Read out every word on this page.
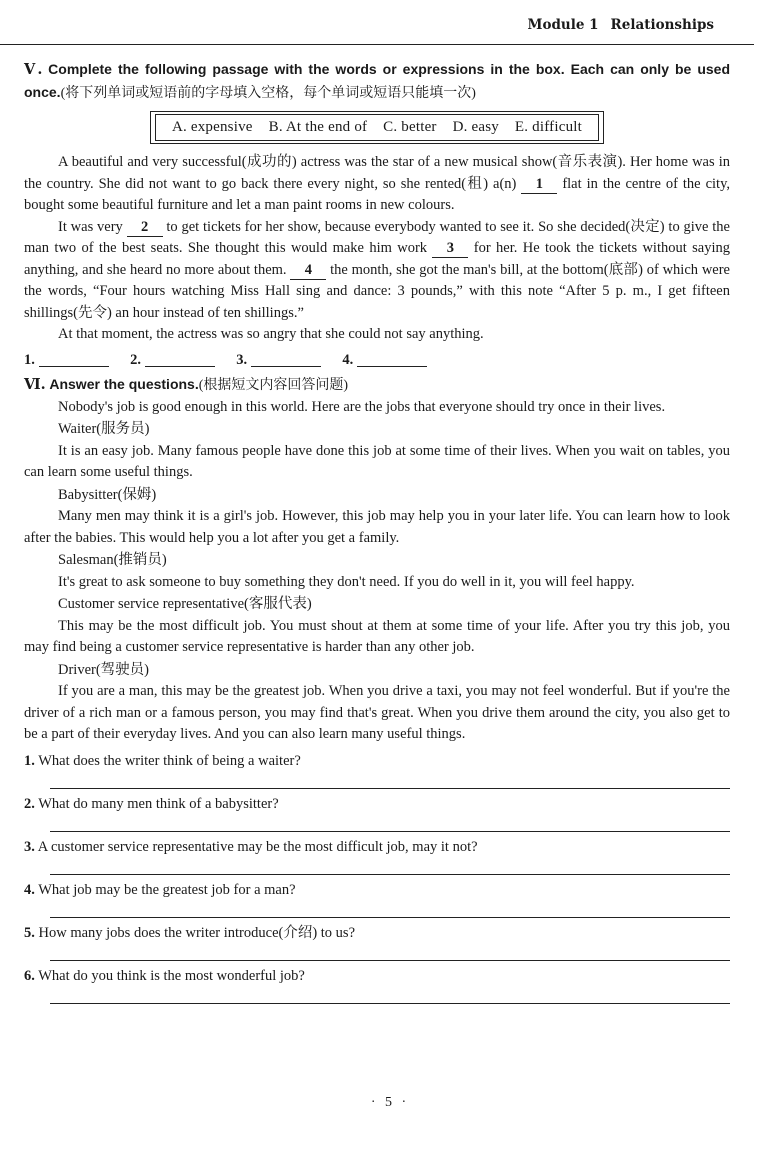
Module 1 Relationships

Ⅴ. Complete the following passage with the words or expressions in the box. Each can only be used once.(将下列单词或短语前的字母填入空格，每个单词或短语只能填一次)

A. expensive B. At the end of C. better D. easy E. difficult

A beautiful and very successful(成功的) actress was the star of a new musical show(音乐表演). Her home was in the country. She did not want to go back there every night, so she rented(租) a(n) 1 flat in the centre of the city, bought some beautiful furniture and let a man paint rooms in new colours.

It was very 2 to get tickets for her show, because everybody wanted to see it. So she decided(决定) to give the man two of the best seats. She thought this would make him work 3 for her. He took the tickets without saying anything, and she heard no more about them. 4 the month, she got the man's bill, at the bottom(底部) of which were the words, “Four hours watching Miss Hall sing and dance: 3 pounds,” with this note “After 5 p. m., I get fifteen shillings(先令) an hour instead of ten shillings.”

At that moment, the actress was so angry that she could not say anything.

1.	2.	3.	4.

Ⅵ. Answer the questions.(根据短文内容回答问题)

Nobody's job is good enough in this world. Here are the jobs that everyone should try once in their lives.

Waiter(服务员)

It is an easy job. Many famous people have done this job at some time of their lives. When you wait on tables, you can learn some useful things.

Babysitter(保姆)

Many men may think it is a girl's job. However, this job may help you in your later life. You can learn how to look after the babies. This would help you a lot after you get a family.

Salesman(推销员)

It's great to ask someone to buy something they don't need. If you do well in it, you will feel happy.

Customer service representative(客服代表)

This may be the most difficult job. You must shout at them at some time of your life. After you try this job, you may find being a customer service representative is harder than any other job.

Driver(驾驶员)

If you are a man, this may be the greatest job. When you drive a taxi, you may not feel wonderful. But if you're the driver of a rich man or a famous person, you may find that's great. When you drive them around the city, you also get to be a part of their everyday lives. And you can also learn many useful things.

1. What does the writer think of being a waiter?
2. What do many men think of a babysitter?
3. A customer service representative may be the most difficult job, may it not?
4. What job may be the greatest job for a man?
5. How many jobs does the writer introduce(介绍) to us?
6. What do you think is the most wonderful job?
· 5 ·
